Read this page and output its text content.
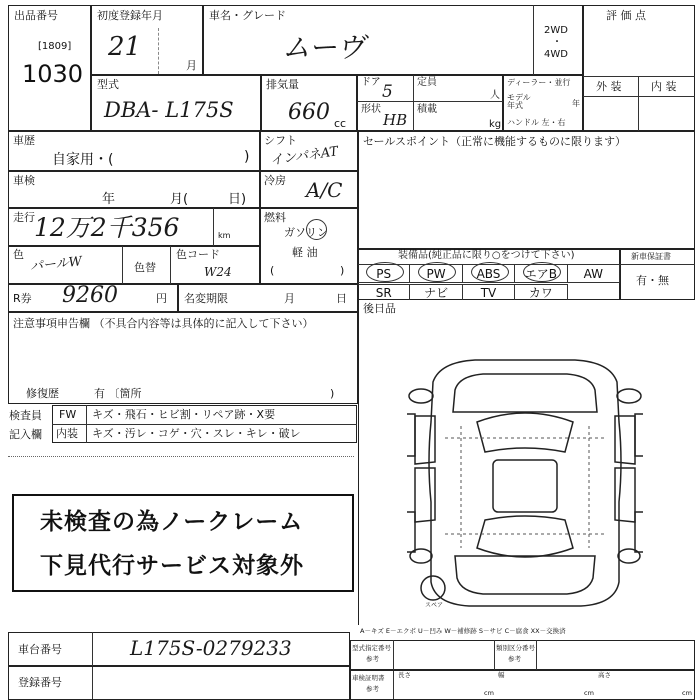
出品番号
[1809]
1030
初度登録年月
21
月
車名・グレード
ムーヴ
2WD
・
4WD
評 価 点
外 装	内 装
型式
DBA- L175S
排気量
660 cc
ドア 5 定員
人
形状
HB
積載
kg
ディーラー・並行
モデル
年式	年
ハンドル 左・右
車歴
自家用・(	)
シフト
インパネAT
セールスポイント（正常に機能するものに限ります）
車検
年	月(	日)
冷房 A/C
走行 12万2千356	km
燃料
ガソリン
軽 油
(	)
色 パールW	色替
色コード
W24
装備品(純正品に限り○をつけて下さい)
PS	PW	ABS	エアB	AW
SR	ナビ	TV	カワ
新車保証書
有・無
R券 9260	円 名変期限	月	日
後日品
注意事項申告欄 （不具合内容等は具体的に記入して下さい）
修復歴	有 〔箇所	)
検査員
記入欄
FW キズ・飛石・ヒビ割・リペア跡・X要
内装 キズ・汚レ・コゲ・穴・スレ・キレ・破レ
未検査の為ノークレーム
下見代行サービス対象外
スペア
A－キズ E－エクボ U－凹み W－補修跡 S－サビ C－腐食 XX－交換済
車台番号	L175S-0279233
登録番号
型式指定番号
参考
類別区分番号
参考
車検証明書
参考
長さ
cm
幅
cm
高さ
cm
